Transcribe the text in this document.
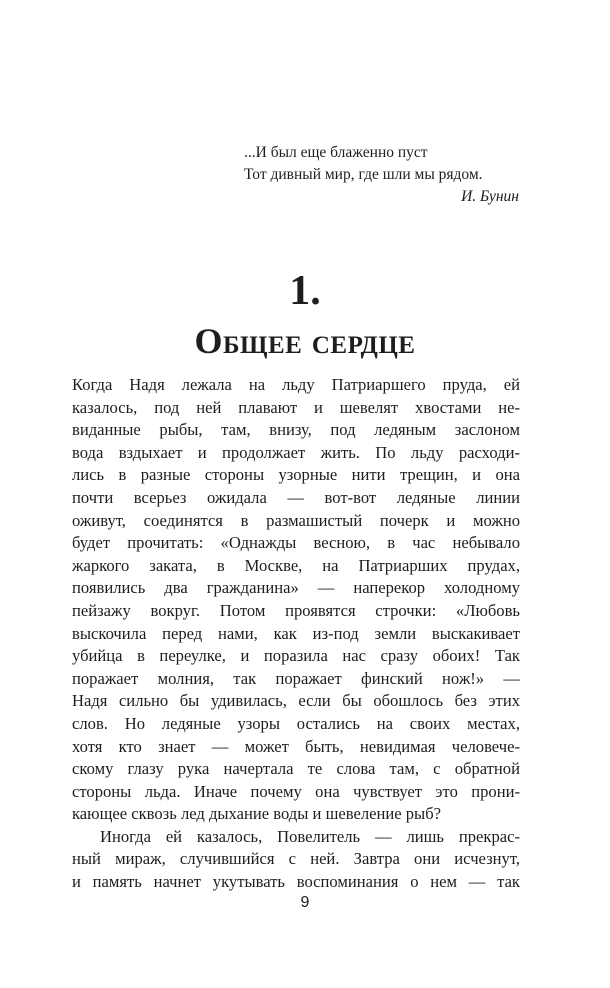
...И был еще блаженно пуст
Тот дивный мир, где шли мы рядом.
И. Бунин
1.
Общее сердце
Когда Надя лежала на льду Патриаршего пруда, ей
казалось, под ней плавают и шевелят хвостами не-
виданные рыбы, там, внизу, под ледяным заслоном
вода вздыхает и продолжает жить. По льду расходи-
лись в разные стороны узорные нити трещин, и она
почти всерьез ожидала — вот-вот ледяные линии
оживут, соединятся в размашистый почерк и можно
будет прочитать: «Однажды весною, в час небывало
жаркого заката, в Москве, на Патриарших прудах,
появились два гражданина» — наперекор холодному
пейзажу вокруг. Потом проявятся строчки: «Любовь
выскочила перед нами, как из-под земли выскакивает
убийца в переулке, и поразила нас сразу обоих! Так
поражает молния, так поражает финский нож!» —
Надя сильно бы удивилась, если бы обошлось без этих
слов. Но ледяные узоры остались на своих местах,
хотя кто знает — может быть, невидимая человече-
скому глазу рука начертала те слова там, с обратной
стороны льда. Иначе почему она чувствует это прони-
кающее сквозь лед дыхание воды и шевеление рыб?
Иногда ей казалось, Повелитель — лишь прекрас-
ный мираж, случившийся с ней. Завтра они исчезнут,
и память начнет укутывать воспоминания о нем — так
9
